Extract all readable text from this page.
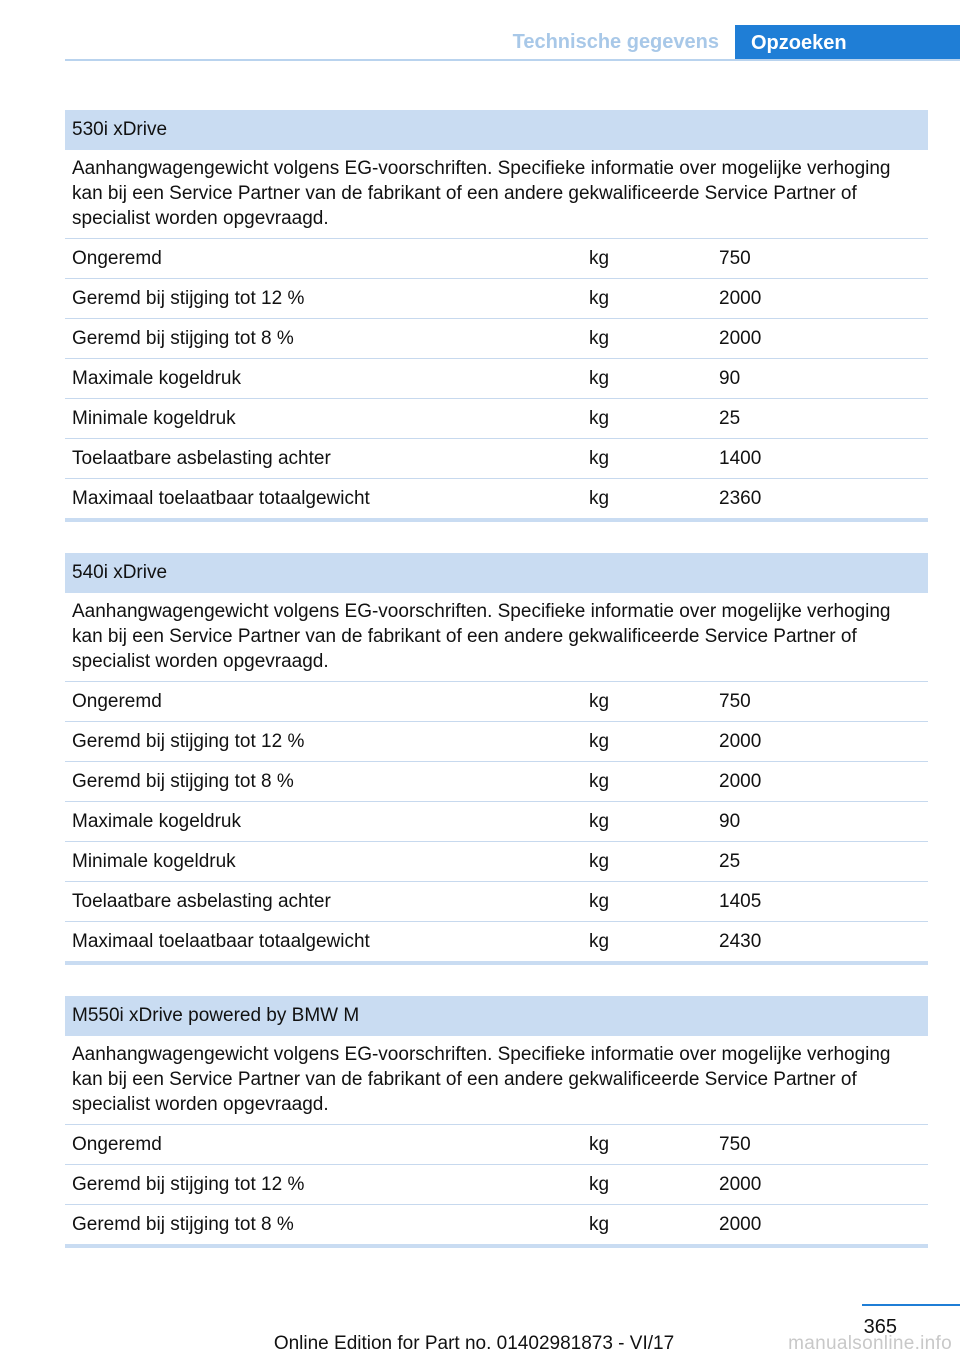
Technische gegevens	Opzoeken
530i xDrive
Aanhangwagengewicht volgens EG-voorschriften. Specifieke informatie over mogelijke verhoging kan bij een Service Partner van de fabrikant of een andere gekwalificeerde Service Partner of specialist worden opgevraagd.
Ongeremd	kg	750
Geremd bij stijging tot 12 %	kg	2000
Geremd bij stijging tot 8 %	kg	2000
Maximale kogeldruk	kg	90
Minimale kogeldruk	kg	25
Toelaatbare asbelasting achter	kg	1400
Maximaal toelaatbaar totaalgewicht	kg	2360
540i xDrive
Aanhangwagengewicht volgens EG-voorschriften. Specifieke informatie over mogelijke verhoging kan bij een Service Partner van de fabrikant of een andere gekwalificeerde Service Partner of specialist worden opgevraagd.
Ongeremd	kg	750
Geremd bij stijging tot 12 %	kg	2000
Geremd bij stijging tot 8 %	kg	2000
Maximale kogeldruk	kg	90
Minimale kogeldruk	kg	25
Toelaatbare asbelasting achter	kg	1405
Maximaal toelaatbaar totaalgewicht	kg	2430
M550i xDrive powered by BMW M
Aanhangwagengewicht volgens EG-voorschriften. Specifieke informatie over mogelijke verhoging kan bij een Service Partner van de fabrikant of een andere gekwalificeerde Service Partner of specialist worden opgevraagd.
Ongeremd	kg	750
Geremd bij stijging tot 12 %	kg	2000
Geremd bij stijging tot 8 %	kg	2000
365
Online Edition for Part no. 01402981873 - VI/17	manualsonline.info
